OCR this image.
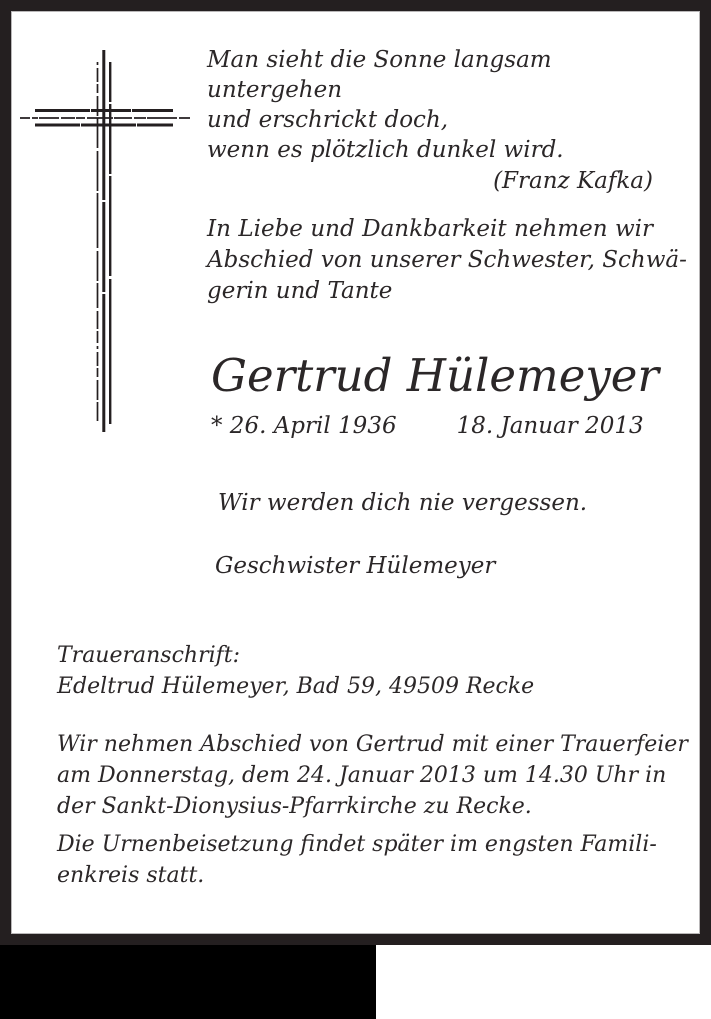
Man sieht die Sonne langsam untergehen
und erschrickt doch,
wenn es plötzlich dunkel wird.
(Franz Kafka)
In Liebe und Dankbarkeit nehmen wir
Abschied von unserer Schwester, Schwä-
gerin und Tante
Gertrud Hülemeyer
* 26. April 1936	18. Januar 2013
Wir werden dich nie vergessen.
Geschwister Hülemeyer
Traueranschrift:
Edeltrud Hülemeyer, Bad 59, 49509 Recke
Wir nehmen Abschied von Gertrud mit einer Trauerfeier
am Donnerstag, dem 24. Januar 2013 um 14.30 Uhr in
der Sankt-Dionysius-Pfarrkirche zu Recke.
Die Urnenbeisetzung findet später im engsten Famili-
enkreis statt.
